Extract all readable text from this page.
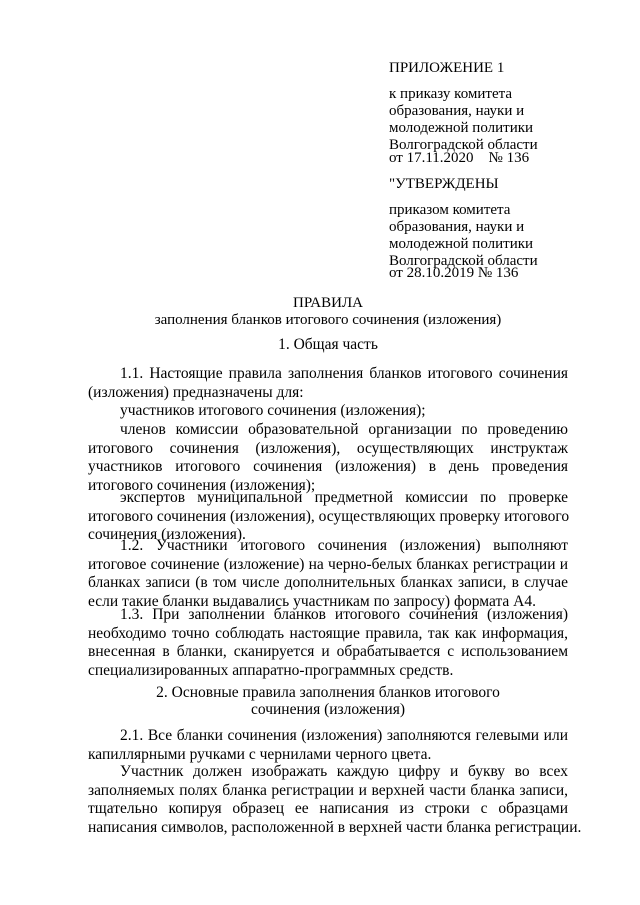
ПРИЛОЖЕНИЕ 1
к приказу комитета
образования, науки и
молодежной политики
Волгоградской области
от 17.11.2020    № 136
"УТВЕРЖДЕНЫ
приказом комитета
образования, науки и
молодежной политики
Волгоградской области
от 28.10.2019 № 136
ПРАВИЛА
заполнения бланков итогового сочинения (изложения)
1. Общая часть
1.1. Настоящие правила заполнения бланков итогового сочинения
(изложения) предназначены для:
участников итогового сочинения (изложения);
членов комиссии образовательной организации по проведению
итогового сочинения (изложения), осуществляющих инструктаж
участников итогового сочинения (изложения) в день проведения
итогового сочинения (изложения);
экспертов муниципальной предметной комиссии по проверке
итогового сочинения (изложения), осуществляющих проверку итогового
сочинения (изложения).
1.2. Участники итогового сочинения (изложения) выполняют
итоговое сочинение (изложение) на черно-белых бланках регистрации и
бланках записи (в том числе дополнительных бланках записи, в случае
если такие бланки выдавались участникам по запросу) формата А4.
1.3. При заполнении бланков итогового сочинения (изложения)
необходимо точно соблюдать настоящие правила, так как информация,
внесенная в бланки, сканируется и обрабатывается с использованием
специализированных аппаратно-программных средств.
2. Основные правила заполнения бланков итогового
сочинения (изложения)
2.1. Все бланки сочинения (изложения) заполняются гелевыми или
капиллярными ручками с чернилами черного цвета.
Участник должен изображать каждую цифру и букву во всех
заполняемых полях бланка регистрации и верхней части бланка записи,
тщательно копируя образец ее написания из строки с образцами
написания символов, расположенной в верхней части бланка регистрации.
